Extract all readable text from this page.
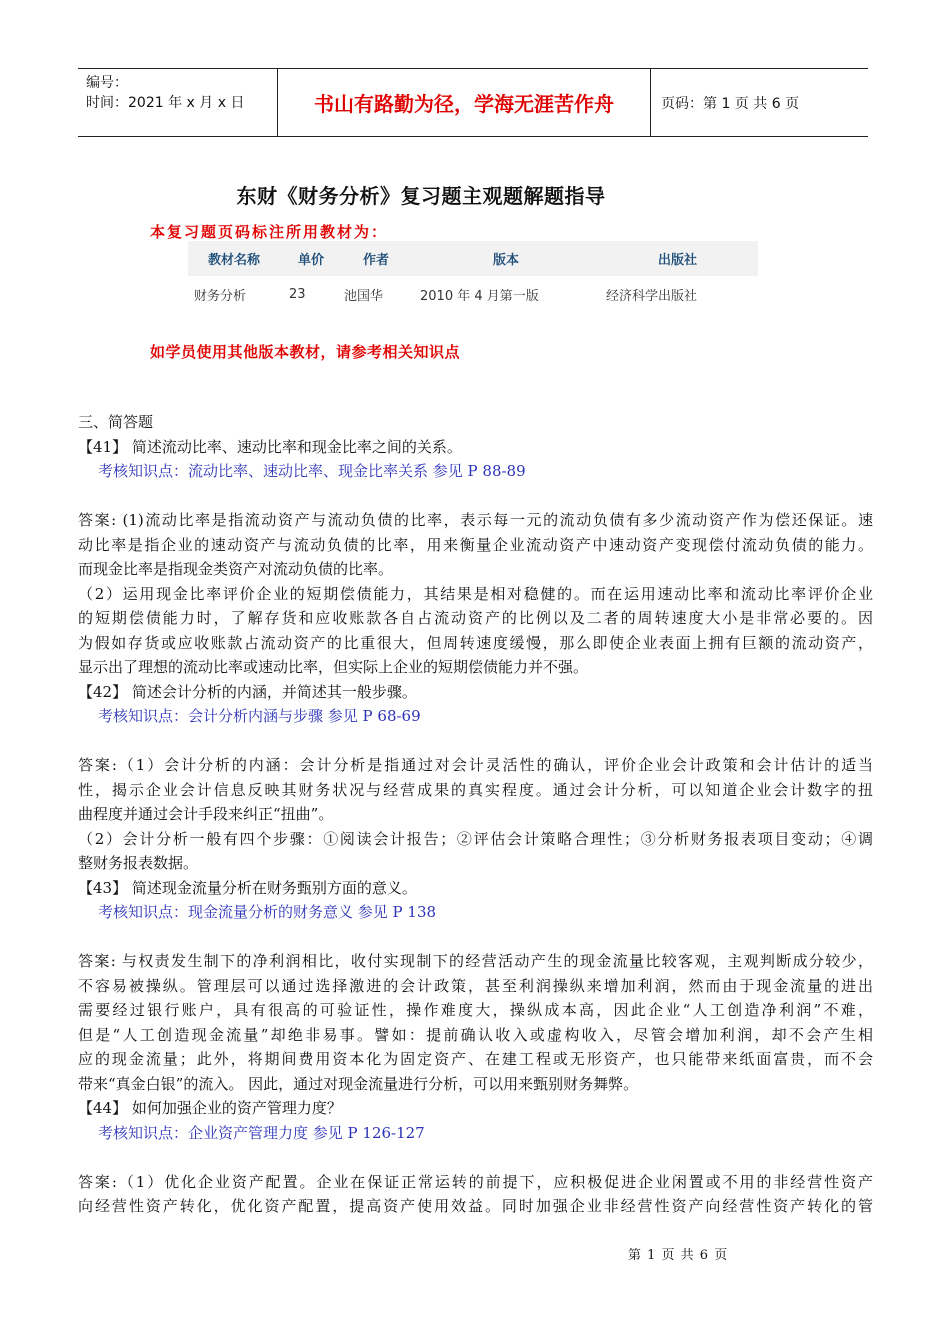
编号：
时间：2021 年 x 月 x 日	书山有路勤为径，学海无涯苦作舟	页码：第 1 页 共 6 页
东财《财务分析》复习题主观题解题指导
本复习题页码标注所用教材为：
教材名称	单价	作者	版本	出版社
财务分析	23	池国华	2010 年 4 月第一版	经济科学出版社
如学员使用其他版本教材，请参考相关知识点
三、简答题
【41】 简述流动比率、速动比率和现金比率之间的关系。
考核知识点：流动比率、速动比率、现金比率关系 参见 P 88-89
答案: (1)流动比率是指流动资产与流动负债的比率，表示每一元的流动负债有多少流动资产作为偿还保证。速
动比率是指企业的速动资产与流动负债的比率，用来衡量企业流动资产中速动资产变现偿付流动负债的能力。
而现金比率是指现金类资产对流动负债的比率。
（2）运用现金比率评价企业的短期偿债能力，其结果是相对稳健的。而在运用速动比率和流动比率评价企业
的短期偿债能力时，了解存货和应收账款各自占流动资产的比例以及二者的周转速度大小是非常必要的。因
为假如存货或应收账款占流动资产的比重很大，但周转速度缓慢，那么即使企业表面上拥有巨额的流动资产，
显示出了理想的流动比率或速动比率，但实际上企业的短期偿债能力并不强。
【42】 简述会计分析的内涵，并简述其一般步骤。
考核知识点：会计分析内涵与步骤 参见 P 68-69
答案:（1）会计分析的内涵：会计分析是指通过对会计灵活性的确认，评价企业会计政策和会计估计的适当
性，揭示企业会计信息反映其财务状况与经营成果的真实程度。通过会计分析，可以知道企业会计数字的扭
曲程度并通过会计手段来纠正“扭曲”。
（2）会计分析一般有四个步骤：①阅读会计报告；②评估会计策略合理性；③分析财务报表项目变动；④调
整财务报表数据。
【43】 简述现金流量分析在财务甄别方面的意义。
考核知识点：现金流量分析的财务意义 参见 P 138
答案: 与权责发生制下的净利润相比，收付实现制下的经营活动产生的现金流量比较客观，主观判断成分较少，
不容易被操纵。管理层可以通过选择激进的会计政策，甚至利润操纵来增加利润，然而由于现金流量的进出
需要经过银行账户，具有很高的可验证性，操作难度大，操纵成本高，因此企业“人工创造净利润”不难，
但是“人工创造现金流量”却绝非易事。譬如：提前确认收入或虚构收入，尽管会增加利润，却不会产生相
应的现金流量；此外，将期间费用资本化为固定资产、在建工程或无形资产，也只能带来纸面富贵，而不会
带来“真金白银”的流入。 因此，通过对现金流量进行分析，可以用来甄别财务舞弊。
【44】 如何加强企业的资产管理力度？
考核知识点：企业资产管理力度 参见 P 126-127
答案:（1）优化企业资产配置。企业在保证正常运转的前提下，应积极促进企业闲置或不用的非经营性资产
向经营性资产转化，优化资产配置，提高资产使用效益。同时加强企业非经营性资产向经营性资产转化的管
第 1 页 共 6 页
